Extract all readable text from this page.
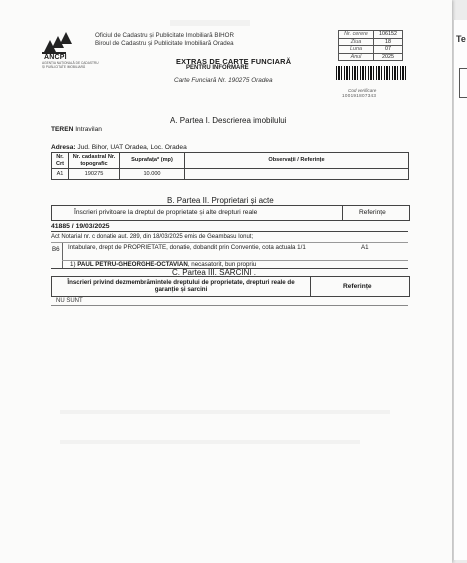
ANCPI
AGENȚIA NAȚIONALĂ DE CADASTRU ȘI PUBLICITATE IMOBILIARĂ
Oficiul de Cadastru și Publicitate Imobiliară BIHOR
Biroul de Cadastru și Publicitate Imobiliară Oradea
EXTRAS DE CARTE FUNCIARĂ
PENTRU INFORMARE
Carte Funciară Nr. 190275 Oradea
Nr. cerere	106152
Ziua	18
Luna	07
Anul	2025
Cod verificare
100191807343
A. Partea I. Descrierea imobilului
TEREN Intravilan
Adresa: Jud. Bihor, UAT Oradea, Loc. Oradea
Nr. Crt	Nr. cadastral Nr. topografic	Suprafața* (mp)	Observații / Referințe
A1	190275	10.000	
B. Partea II. Proprietari și acte
Înscrieri privitoare la dreptul de proprietate și alte drepturi reale	Referințe
41885 / 19/03/2025
Act Notarial nr. c donatie aut. 289, din 18/03/2025 emis de Geambasu Ionut;
B6 Intabulare, drept de PROPRIETATE, donatie, dobandit prin Conventie, cota actuala 1/1	A1
1) PAUL PETRU-GHEORGHE-OCTAVIAN, necasatorit, bun propriu
C. Partea III. SARCINI .
Înscrieri privind dezmembrămintele dreptului de proprietate, drepturi reale de garanție și sarcini	Referințe
NU SUNT
Te
